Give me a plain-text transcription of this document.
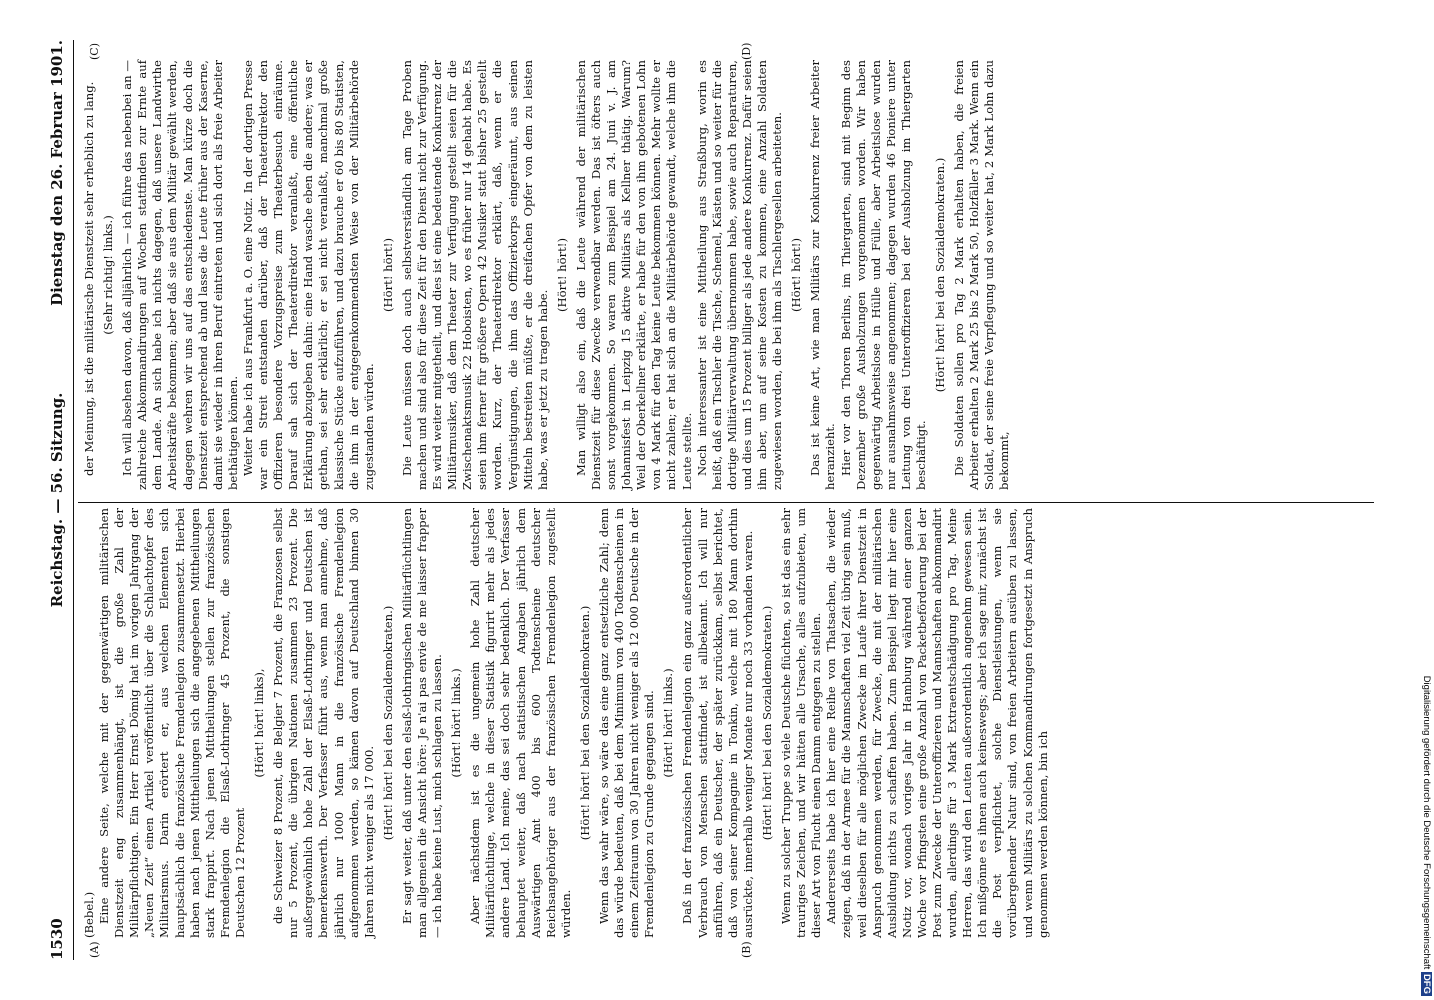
1530
Reichstag. — 56. Sitzung.
Dienstag den 26. Februar 1901.
(A)	(B)
(C)	(D)

(Bebel.) Eine andere Seite, welche mit der gegenwärtigen militärischen Dienstzeit eng zusammenhängt, ist die große Zahl der Militärpflichtigen. Ein Herr Ernst Dömig hat im vorigen Jahrgang der „Neuen Zeit“ einen Artikel veröffentlicht über die Schlachtopfer des Militarismus. Darin erörtert er, aus welchen Elementen sich hauptsächlich die französische Fremdenlegion zusammensetzt. Hierbei haben nach jenen Mittheilungen sich die angegebenen Mittheilungen stark frappirt. Nach jenen Mittheilungen stellen zur französischen Fremdenlegion die Elsaß-Lothringer 45 Prozent, die sonstigen Deutschen 12 Prozent

(Hört! hört! links), die Schweizer 8 Prozent, die Belgier 7 Prozent, die Franzosen selbst nur 5 Prozent, die übrigen Nationen zusammen 23 Prozent. Die außergewöhnlich hohe Zahl der Elsaß-Lothringer und Deutschen ist bemerkenswerth. Der Verfasser führt aus, wenn man annehme, daß jährlich nur 1000 Mann in die französische Fremdenlegion aufgenommen werden, so kämen davon auf Deutschland binnen 30 Jahren nicht weniger als 17 000.

(Hört! hört! bei den Sozialdemokraten.) Er sagt weiter, daß unter den elsaß-lothringischen Militärflüchtlingen man allgemein die Ansicht höre: Je n'ai pas envie de me laisser frapper — ich habe keine Lust, mich schlagen zu lassen. (Hört! hört! links.) Aber nächstdem ist es die ungemein hohe Zahl deutscher Militärflüchtlinge, welche in dieser Statistik figurirt mehr als jedes andere Land. Ich meine, das sei doch sehr bedenklich. Der Verfasser behauptet weiter, daß nach statistischen Angaben jährlich dem Auswärtigen Amt 400 bis 600 Todtenscheine deutscher Reichsangehöriger aus der französischen Fremdenlegion zugestellt würden.

(Hört! hört! bei den Sozialdemokraten.) Wenn das wahr wäre, so wäre das eine ganz entsetzliche Zahl; denn das würde bedeuten, daß bei dem Minimum von 400 Todtenscheinen in einem Zeitraum von 30 Jahren nicht weniger als 12 000 Deutsche in der Fremdenlegion zu Grunde gegangen sind. (Hört! hört! links.) Daß in der französischen Fremdenlegion ein ganz außerordentlicher Verbrauch von Menschen stattfindet, ist allbekannt. Ich will nur anführen, daß ein Deutscher, der später zurückkam, selbst berichtet, daß von seiner Kompagnie in Tonkin, welche mit 180 Mann dorthin ausrückte, innerhalb weniger Monate nur noch 33 vorhanden waren. (Hört! hört! bei den Sozialdemokraten.) Wenn zu solcher Truppe so viele Deutsche flüchten, so ist das ein sehr trauriges Zeichen, und wir hätten alle Ursache, alles aufzubieten, um dieser Art von Flucht einen Damm entgegen zu stellen. Andererseits habe ich hier eine Reihe von Thatsachen, die wieder zeigen, daß in der Armee für die Mannschaften viel Zeit übrig sein muß, weil dieselben für alle möglichen Zwecke im Laufe ihrer Dienstzeit in Anspruch genommen werden, für Zwecke, die mit der militärischen Ausbildung nichts zu schaffen haben. Zum Beispiel liegt mir hier eine Notiz vor, wonach voriges Jahr in Hamburg während einer ganzen Woche vor Pfingsten eine große Anzahl von Packetbeförderung bei der Post zum Zwecke der Unteroffizieren und Mannschaften abkommandirt wurden, allerdings für 3 Mark Extraentschädigung pro Tag. Meine Herren, das wird den Leuten außerordentlich angenehm gewesen sein. Ich mißgönne es ihnen auch keineswegs; aber ich sage mir, zunächst ist die Post verpflichtet, solche Dienstleistungen, wenn sie vorübergehender Natur sind, von freien Arbeitern ausüben zu lassen, und wenn Militärs zu solchen Kommandirungen fortgesetzt in Anspruch genommen werden können, bin ich

der Meinung, ist die militärische Dienstzeit sehr erheblich zu lang. (Sehr richtig! links.) Ich will absehen davon, daß alljährlich — ich führe das nebenbei an — zahlreiche Abkommandirungen auf Wochen stattfinden zur Ernte auf dem Lande. An sich habe ich nichts dagegen, daß unsere Landwirthe Arbeitskräfte bekommen; aber daß sie aus dem Militär gewählt werden, dagegen wehren wir uns auf das entschiedenste. Man kürze doch die Dienstzeit entsprechend ab und lasse die Leute früher aus der Kaserne, damit sie wieder in ihren Beruf eintreten und sich dort als freie Arbeiter bethätigen können. Weiter habe ich aus Frankfurt a. O. eine Notiz. In der dortigen Presse war ein Streit entstanden darüber, daß der Theaterdirektor den Offizieren besondere Vorzugspreise zum Theaterbesuch einräume. Darauf sah sich der Theaterdirektor veranlaßt, eine öffentliche Erklärung abzugeben dahin: eine Hand wasche eben die andere; was er gethan, sei sehr erklärlich; er sei nicht veranlaßt, manchmal große klassische Stücke aufzuführen, und dazu brauche er 60 bis 80 Statisten, die ihm in der entgegenkommendsten Weise von der Militärbehörde zugestanden würden.

(Hört! hört!) Die Leute müssen doch auch selbstverständlich am Tage Proben machen und sind also für diese Zeit für den Dienst nicht zur Verfügung. Es wird weiter mitgetheilt, und dies ist eine bedeutende Konkurrenz der Militärmusiker, daß dem Theater zur Verfügung gestellt seien für die Zwischenaktsmusik 22 Hoboisten, wo es früher nur 14 gehabt habe. Es seien ihm ferner für größere Opern 42 Musiker statt bisher 25 gestellt worden. Kurz, der Theaterdirektor erklärt, daß, wenn er die Vergünstigungen, die ihm das Offizierkorps eingeräumt, aus seinen Mitteln bestreiten müßte, er die dreifachen Opfer von dem zu leisten habe, was er jetzt zu tragen habe.

(Hört! hört!) Man willigt also ein, daß die Leute während der militärischen Dienstzeit für diese Zwecke verwendbar werden. Das ist öfters auch sonst vorgekommen. So waren zum Beispiel am 24. Juni v. J. am Johannisfest in Leipzig 15 aktive Militärs als Kellner thätig. Warum? Weil der Oberkellner erklärte, er habe für den von ihm gebotenen Lohn von 4 Mark für den Tag keine Leute bekommen können. Mehr wollte er nicht zahlen; er hat sich an die Militärbehörde gewandt, welche ihm die Leute stellte. Noch interessanter ist eine Mittheilung aus Straßburg, worin es heißt, daß ein Tischler die Tische, Schemel, Kästen und so weiter für die dortige Militärverwaltung übernommen habe, sowie auch Reparaturen, und dies um 15 Prozent billiger als jede andere Konkurrenz. Dafür seien ihm aber, um auf seine Kosten zu kommen, eine Anzahl Soldaten zugewiesen worden, die bei ihm als Tischlergesellen arbeiteten. (Hört! hört!) Das ist keine Art, wie man Militärs zur Konkurrenz freier Arbeiter heranzieht. Hier vor den Thoren Berlins, im Thiergarten, sind mit Beginn des Dezember große Ausholzungen vorgenommen worden. Wir haben gegenwärtig Arbeitslose in Hülle und Fülle, aber Arbeitslose wurden nur ausnahmsweise angenommen; dagegen wurden 46 Pioniere unter Leitung von drei Unteroffizieren bei der Ausholzung im Thiergarten beschäftigt.

(Hört! hört! bei den Sozialdemokraten.) Die Soldaten sollen pro Tag 2 Mark erhalten haben, die freien Arbeiter erhalten 2 Mark 25 bis 2 Mark 50, Holzfäller 3 Mark. Wenn ein Soldat, der seine freie Verpflegung und so weiter hat, 2 Mark Lohn dazu bekommt,

Digitalisierung gefördert durch die Deutsche Forschungsgemeinschaft DFG
